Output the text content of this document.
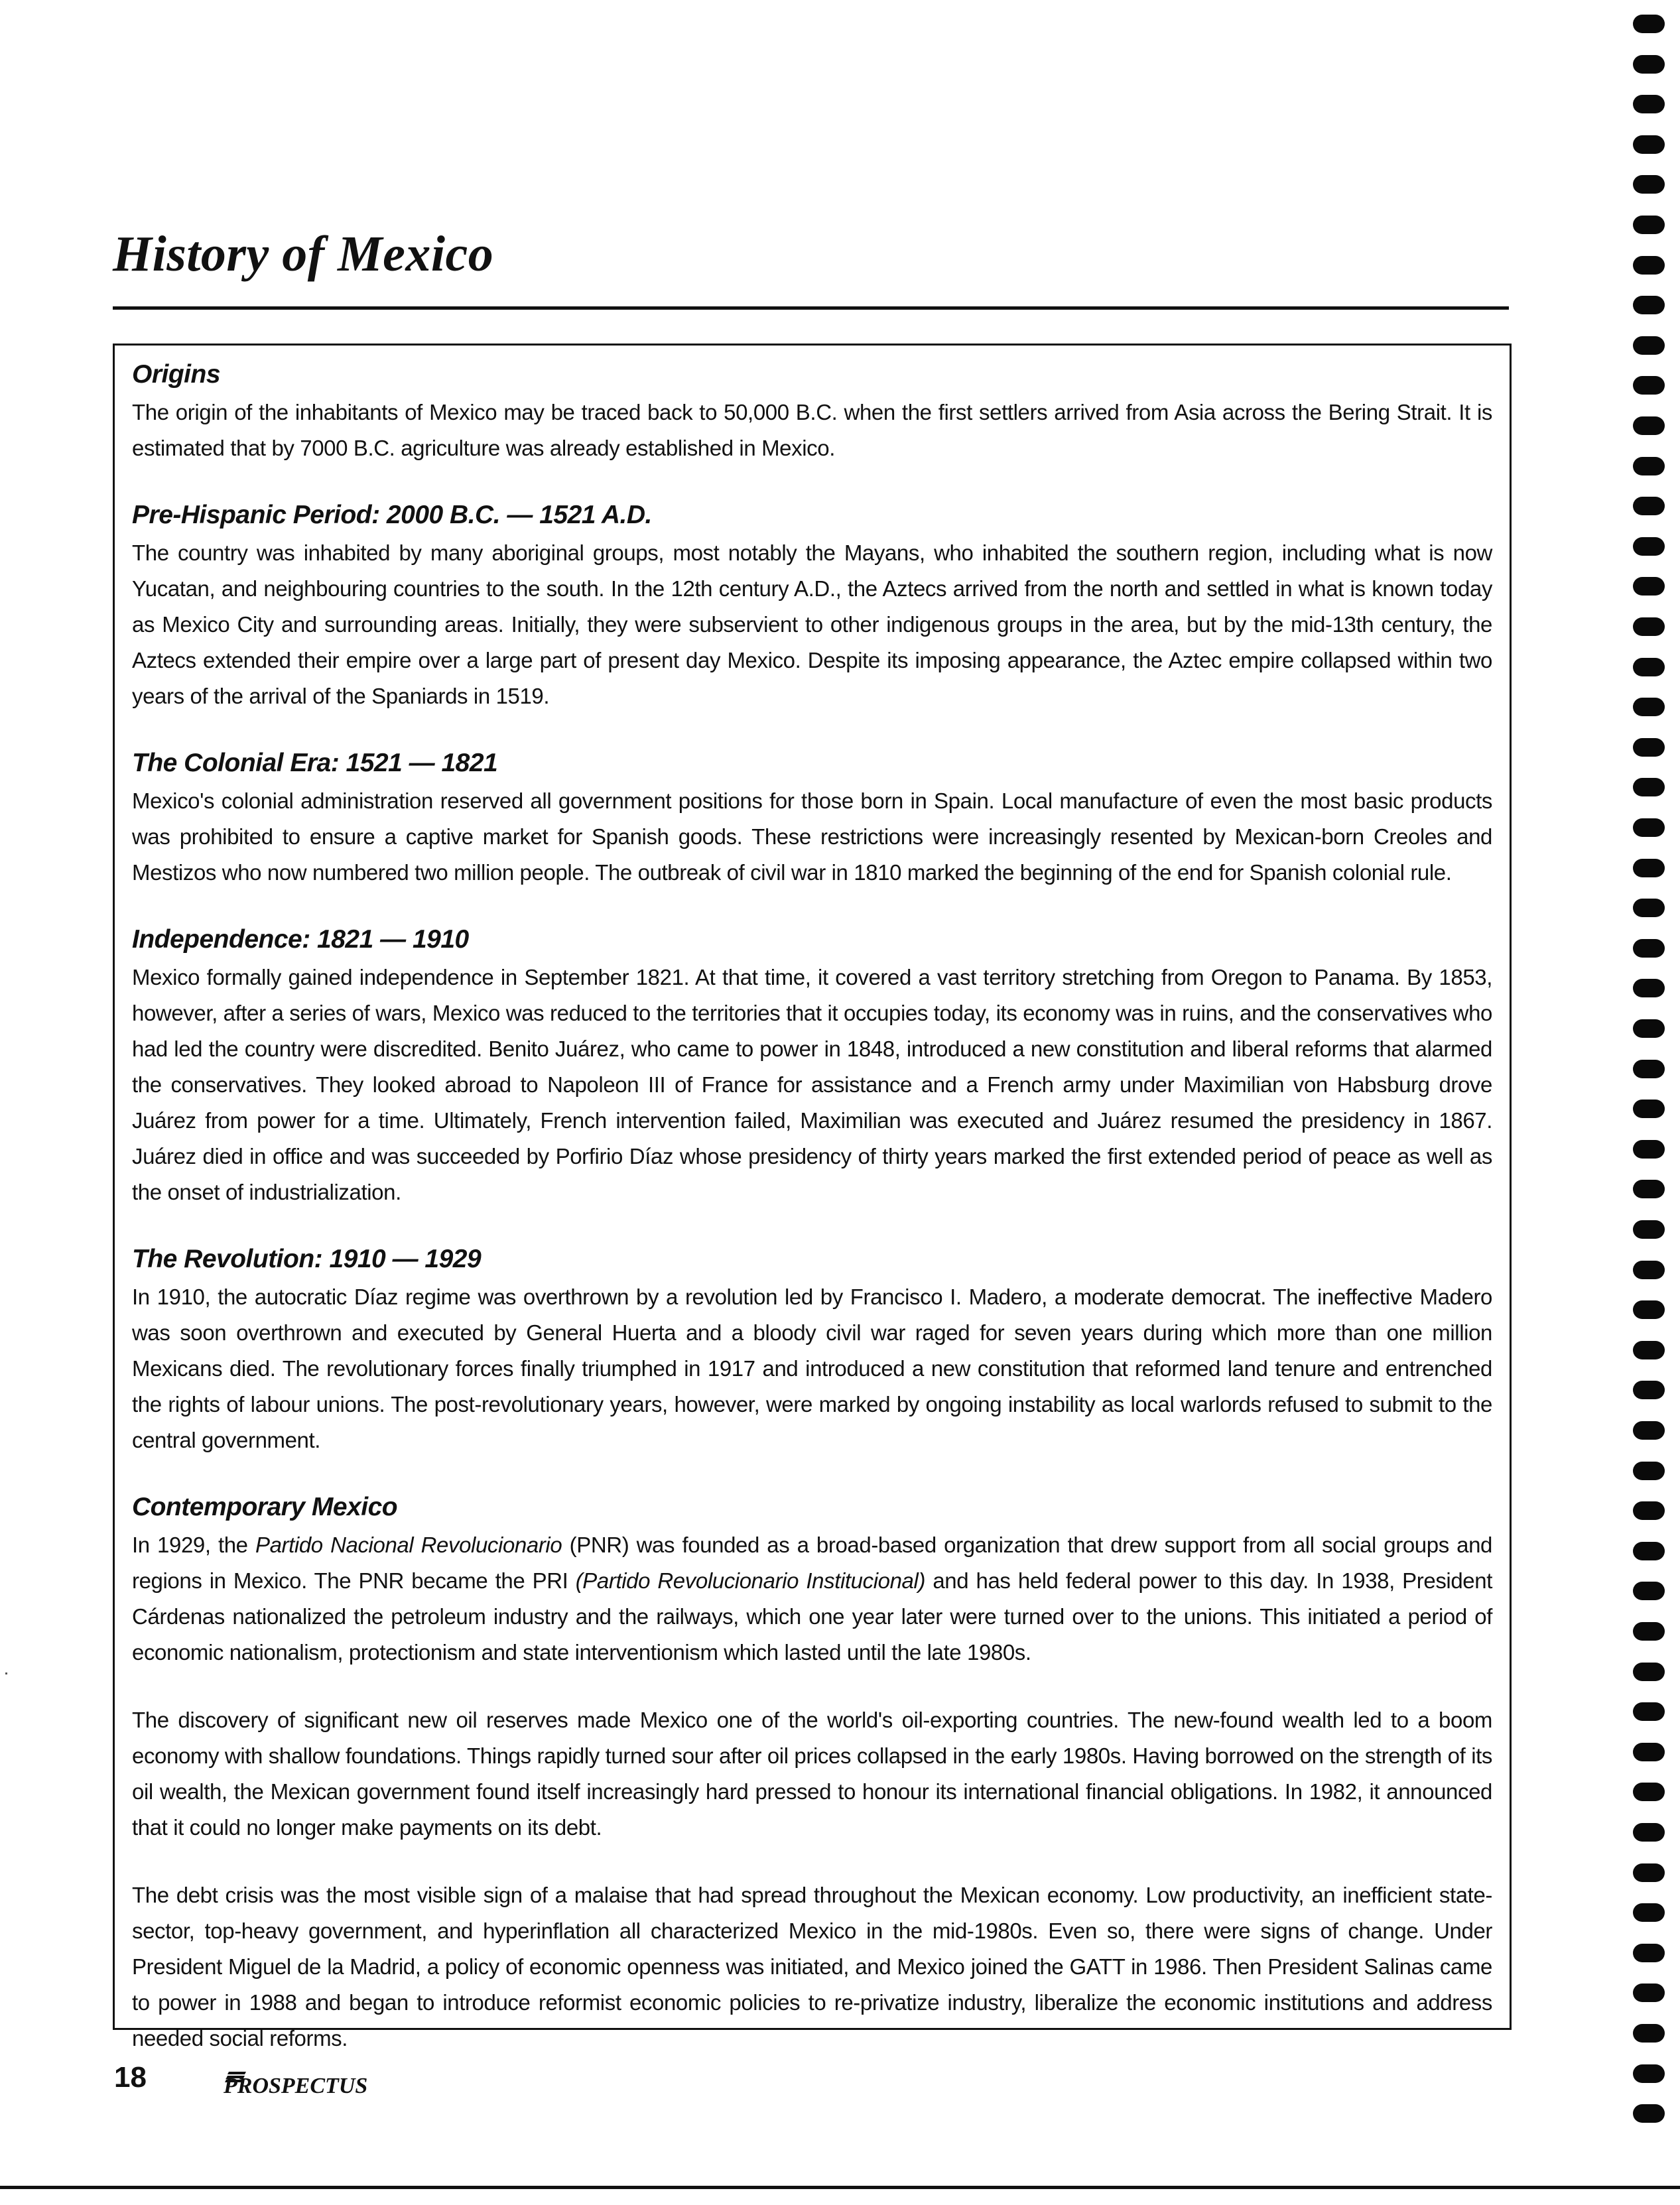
History of Mexico
Origins

The origin of the inhabitants of Mexico may be traced back to 50,000 B.C. when the first settlers arrived from Asia across the Bering Strait. It is estimated that by 7000 B.C. agriculture was already established in Mexico.

Pre-Hispanic Period: 2000 B.C. — 1521 A.D.

The country was inhabited by many aboriginal groups, most notably the Mayans, who inhabited the southern region, including what is now Yucatan, and neighbouring countries to the south. In the 12th century A.D., the Aztecs arrived from the north and settled in what is known today as Mexico City and surrounding areas. Initially, they were subservient to other indigenous groups in the area, but by the mid-13th century, the Aztecs extended their empire over a large part of present day Mexico. Despite its imposing appearance, the Aztec empire collapsed within two years of the arrival of the Spaniards in 1519.

The Colonial Era: 1521 — 1821

Mexico's colonial administration reserved all government positions for those born in Spain. Local manufacture of even the most basic products was prohibited to ensure a captive market for Spanish goods. These restrictions were increasingly resented by Mexican-born Creoles and Mestizos who now numbered two million people. The outbreak of civil war in 1810 marked the beginning of the end for Spanish colonial rule.

Independence: 1821 — 1910

Mexico formally gained independence in September 1821. At that time, it covered a vast territory stretching from Oregon to Panama. By 1853, however, after a series of wars, Mexico was reduced to the territories that it occupies today, its economy was in ruins, and the conservatives who had led the country were discredited. Benito Juárez, who came to power in 1848, introduced a new constitution and liberal reforms that alarmed the conservatives. They looked abroad to Napoleon III of France for assistance and a French army under Maximilian von Habsburg drove Juárez from power for a time. Ultimately, French intervention failed, Maximilian was executed and Juárez resumed the presidency in 1867. Juárez died in office and was succeeded by Porfirio Díaz whose presidency of thirty years marked the first extended period of peace as well as the onset of industrialization.

The Revolution: 1910 — 1929

In 1910, the autocratic Díaz regime was overthrown by a revolution led by Francisco I. Madero, a moderate democrat. The ineffective Madero was soon overthrown and executed by General Huerta and a bloody civil war raged for seven years during which more than one million Mexicans died. The revolutionary forces finally triumphed in 1917 and introduced a new constitution that reformed land tenure and entrenched the rights of labour unions. The post-revolutionary years, however, were marked by ongoing instability as local warlords refused to submit to the central government.

Contemporary Mexico

In 1929, the Partido Nacional Revolucionario (PNR) was founded as a broad-based organization that drew support from all social groups and regions in Mexico. The PNR became the PRI (Partido Revolucionario Institucional) and has held federal power to this day. In 1938, President Cárdenas nationalized the petroleum industry and the railways, which one year later were turned over to the unions. This initiated a period of economic nationalism, protectionism and state interventionism which lasted until the late 1980s.

The discovery of significant new oil reserves made Mexico one of the world's oil-exporting countries. The new-found wealth led to a boom economy with shallow foundations. Things rapidly turned sour after oil prices collapsed in the early 1980s. Having borrowed on the strength of its oil wealth, the Mexican government found itself increasingly hard pressed to honour its international financial obligations. In 1982, it announced that it could no longer make payments on its debt.

The debt crisis was the most visible sign of a malaise that had spread throughout the Mexican economy. Low productivity, an inefficient state-sector, top-heavy government, and hyperinflation all characterized Mexico in the mid-1980s. Even so, there were signs of change. Under President Miguel de la Madrid, a policy of economic openness was initiated, and Mexico joined the GATT in 1986. Then President Salinas came to power in 1988 and began to introduce reformist economic policies to re-privatize industry, liberalize the economic institutions and address needed social reforms.

18	PROSPECTUS
